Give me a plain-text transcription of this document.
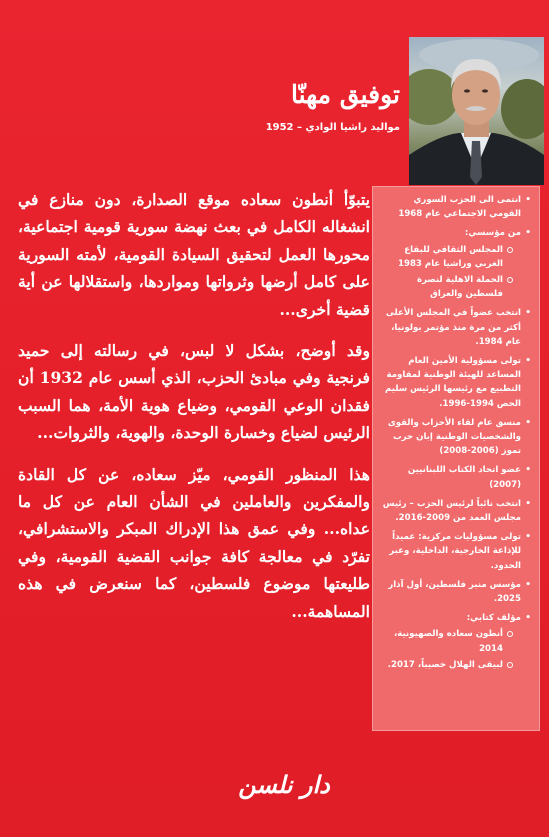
توفيق مهنّا
مواليد راشيا الوادي – 1952

يتبوّأ أنطون سعاده موقع الصدارة، دون منازع في انشغاله الكامل في بعث نهضة سورية قومية اجتماعية، محورها العمل لتحقيق السيادة القومية، لأمته السورية على كامل أرضها وثرواتها ومواردها، واستقلالها عن أية قضية أخرى...

وقد أوضح، بشكل لا لبس، في رسالته إلى حميد فرنجية وفي مبادئ الحزب، الذي أسس عام 1932 أن فقدان الوعي القومي، وضياع هوية الأمة، هما السبب الرئيس لضياع وخسارة الوحدة، والهوية، والثروات...

هذا المنظور القومي، ميّز سعاده، عن كل القادة والمفكرين والعاملين في الشأن العام عن كل ما عداه... وفي عمق هذا الإدراك المبكر والاستشرافي، تفرّد في معالجة كافة جوانب القضية القومية، وفي طليعتها موضوع فلسطين، كما سنعرض في هذه المساهمة...

• انتمى الى الحزب السوري القومي الاجتماعي عام 1968
• من مؤسسي:
المجلس الثقافي للبقاع الغربي وراشيا عام 1983
الحملة الاهلية لنصرة فلسطين والعراق
• انتخب عضواً في المجلس الأعلى أكثر من مرة منذ مؤتمر بولونيا، عام 1984.
• تولى مسؤولية الأمين العام المساعد للهيئة الوطنية لمقاومة التطبيع مع رئيسها الرئيس سليم الحص 1994-1996.
• منسق عام لقاء الأحزاب والقوى والشخصيات الوطنية إبان حرب تموز (2006-2008)
• عضو اتحاد الكتاب اللبنانيين (2007)
• انتخب نائباً لرئيس الحزب – رئيس مجلس العمد من 2009-2016.
• تولى مسؤوليات مركزية: عميداً للإذاعة الخارجية، الداخلية، وعبر الحدود.
• مؤسس منبر فلسطين، أول آذار 2025.
• مؤلف كتابي:
أنطون سعاده والصهيونية، 2014
لبيقى الهلال خصيباً، 2017.
دار نلسن
